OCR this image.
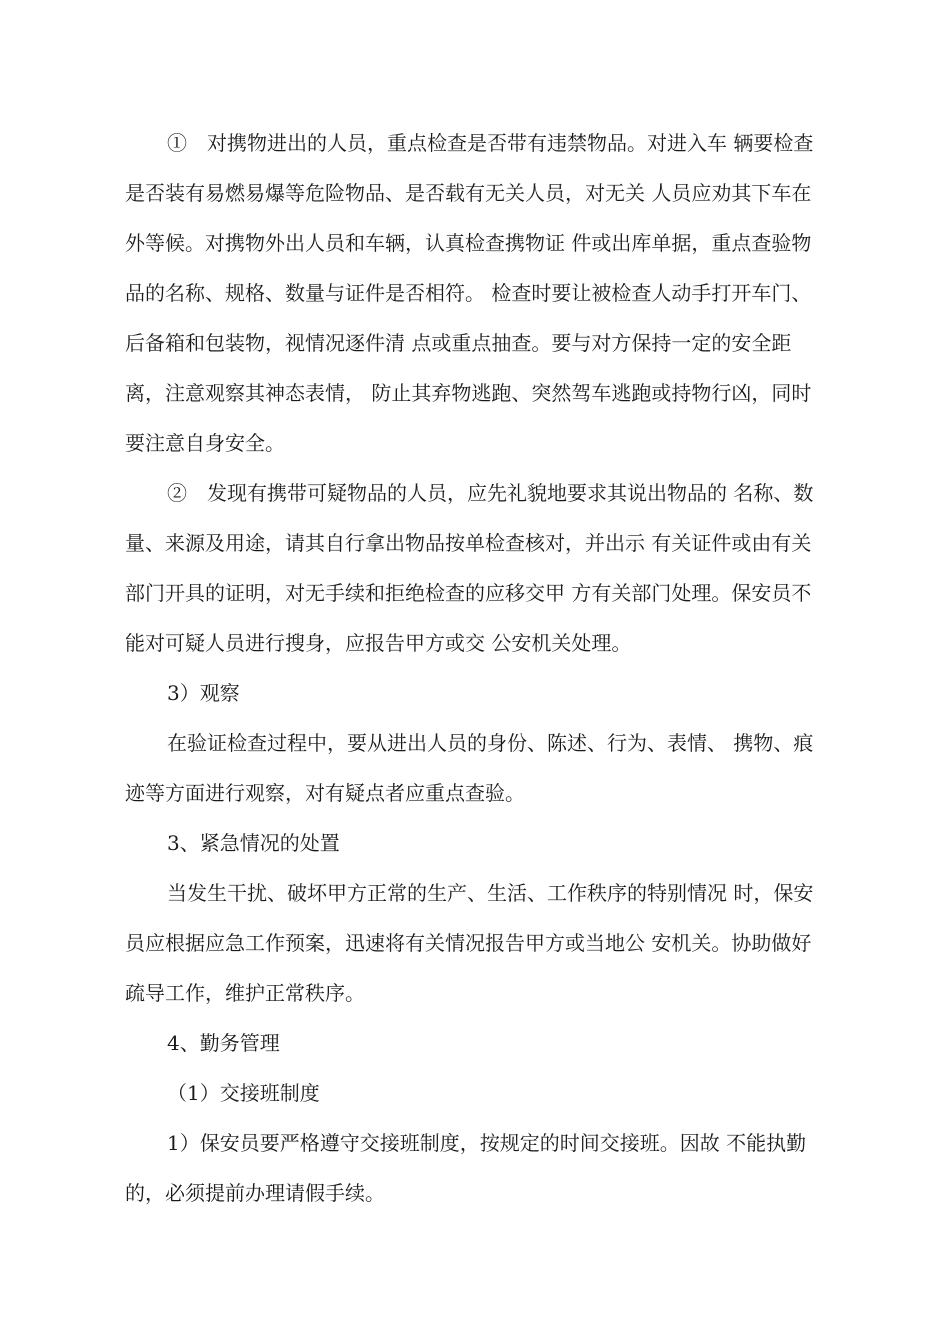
①　对携物进出的人员，重点检查是否带有违禁物品。对进入车 辆要检查
是否装有易燃易爆等危险物品、是否载有无关人员，对无关 人员应劝其下车在
外等候。对携物外出人员和车辆，认真检查携物证 件或出库单据，重点查验物
品的名称、规格、数量与证件是否相符。 检查时要让被检查人动手打开车门、
后备箱和包装物，视情况逐件清 点或重点抽查。要与对方保持一定的安全距
离，注意观察其神态表情， 防止其弃物逃跑、突然驾车逃跑或持物行凶，同时
要注意自身安全。
②　发现有携带可疑物品的人员，应先礼貌地要求其说出物品的 名称、数
量、来源及用途，请其自行拿出物品按单检查核对，并出示 有关证件或由有关
部门开具的证明，对无手续和拒绝检查的应移交甲 方有关部门处理。保安员不
能对可疑人员进行搜身，应报告甲方或交 公安机关处理。
3）观察
在验证检查过程中，要从进出人员的身份、陈述、行为、表情、 携物、痕
迹等方面进行观察，对有疑点者应重点查验。
3、紧急情况的处置
当发生干扰、破坏甲方正常的生产、生活、工作秩序的特别情况 时，保安
员应根据应急工作预案，迅速将有关情况报告甲方或当地公 安机关。协助做好
疏导工作，维护正常秩序。
4、勤务管理
（1）交接班制度
1）保安员要严格遵守交接班制度，按规定的时间交接班。因故 不能执勤
的，必须提前办理请假手续。
